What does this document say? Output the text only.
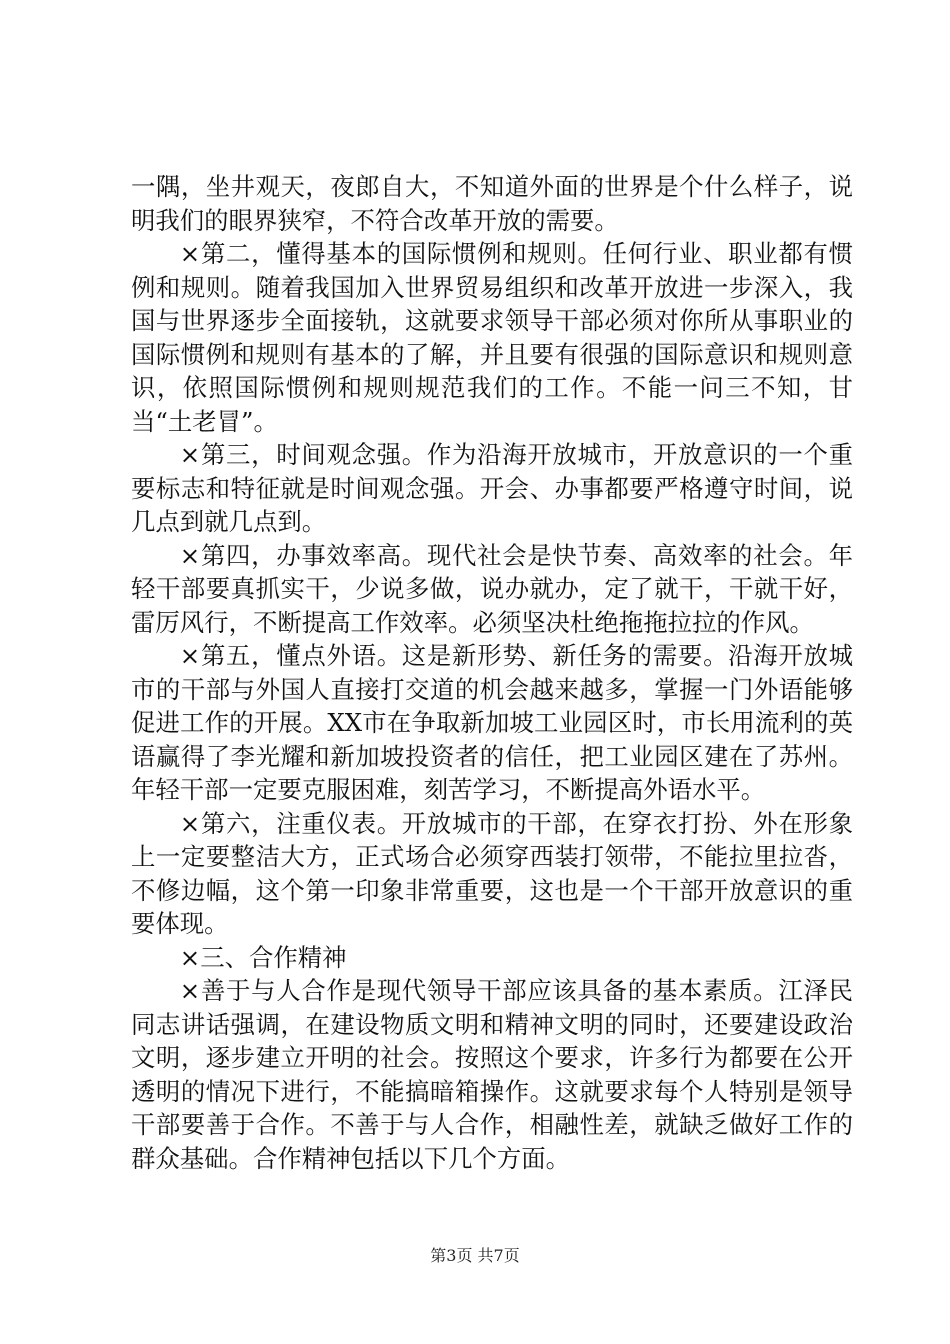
一隅，坐井观天，夜郎自大，不知道外面的世界是个什么样子，说明我们的眼界狭窄，不符合改革开放的需要。

×第二，懂得基本的国际惯例和规则。任何行业、职业都有惯例和规则。随着我国加入世界贸易组织和改革开放进一步深入，我国与世界逐步全面接轨，这就要求领导干部必须对你所从事职业的国际惯例和规则有基本的了解，并且要有很强的国际意识和规则意识，依照国际惯例和规则规范我们的工作。不能一问三不知，甘当“土老冒”。

×第三，时间观念强。作为沿海开放城市，开放意识的一个重要标志和特征就是时间观念强。开会、办事都要严格遵守时间，说几点到就几点到。

×第四，办事效率高。现代社会是快节奏、高效率的社会。年轻干部要真抓实干，少说多做，说办就办，定了就干，干就干好，雷厉风行，不断提高工作效率。必须坚决杜绝拖拖拉拉的作风。

×第五，懂点外语。这是新形势、新任务的需要。沿海开放城市的干部与外国人直接打交道的机会越来越多，掌握一门外语能够促进工作的开展。XX市在争取新加坡工业园区时，市长用流利的英语赢得了李光耀和新加坡投资者的信任，把工业园区建在了苏州。年轻干部一定要克服困难，刻苦学习，不断提高外语水平。

×第六，注重仪表。开放城市的干部，在穿衣打扮、外在形象上一定要整洁大方，正式场合必须穿西装打领带，不能拉里拉沓，不修边幅，这个第一印象非常重要，这也是一个干部开放意识的重要体现。

×三、合作精神

×善于与人合作是现代领导干部应该具备的基本素质。江泽民同志讲话强调，在建设物质文明和精神文明的同时，还要建设政治文明，逐步建立开明的社会。按照这个要求，许多行为都要在公开透明的情况下进行，不能搞暗箱操作。这就要求每个人特别是领导干部要善于合作。不善于与人合作，相融性差，就缺乏做好工作的群众基础。合作精神包括以下几个方面。

第3页 共7页
